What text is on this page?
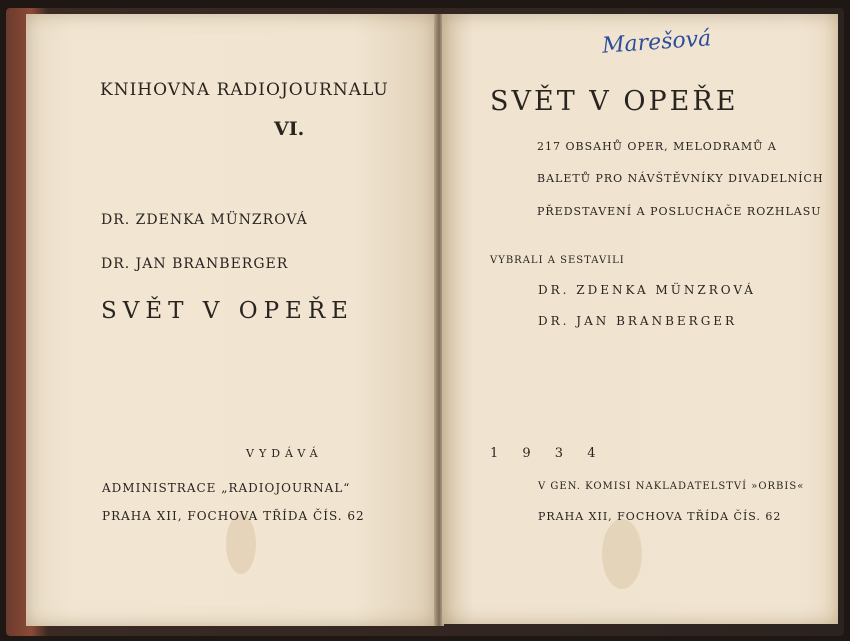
KNIHOVNA RADIOJOURNALU
VI.
DR. ZDENKA MÜNZROVÁ
DR. JAN BRANBERGER
SVĚT V OPEŘE
VYDÁVÁ
ADMINISTRACE „RADIOJOURNAL“
PRAHA XII, FOCHOVA TŘÍDA ČÍS. 62
Marešová
SVĚT V OPEŘE
217 OBSAHŮ OPER, MELODRAMŮ A
BALETŮ PRO NÁVŠTĚVNÍKY DIVADELNÍCH
PŘEDSTAVENÍ A POSLUCHAČE ROZHLASU
VYBRALI A SESTAVILI
DR. ZDENKA MÜNZROVÁ
DR. JAN BRANBERGER
1 9 3 4
V GEN. KOMISI NAKLADATELSTVÍ »ORBIS«
PRAHA XII, FOCHOVA TŘÍDA ČÍS. 62
